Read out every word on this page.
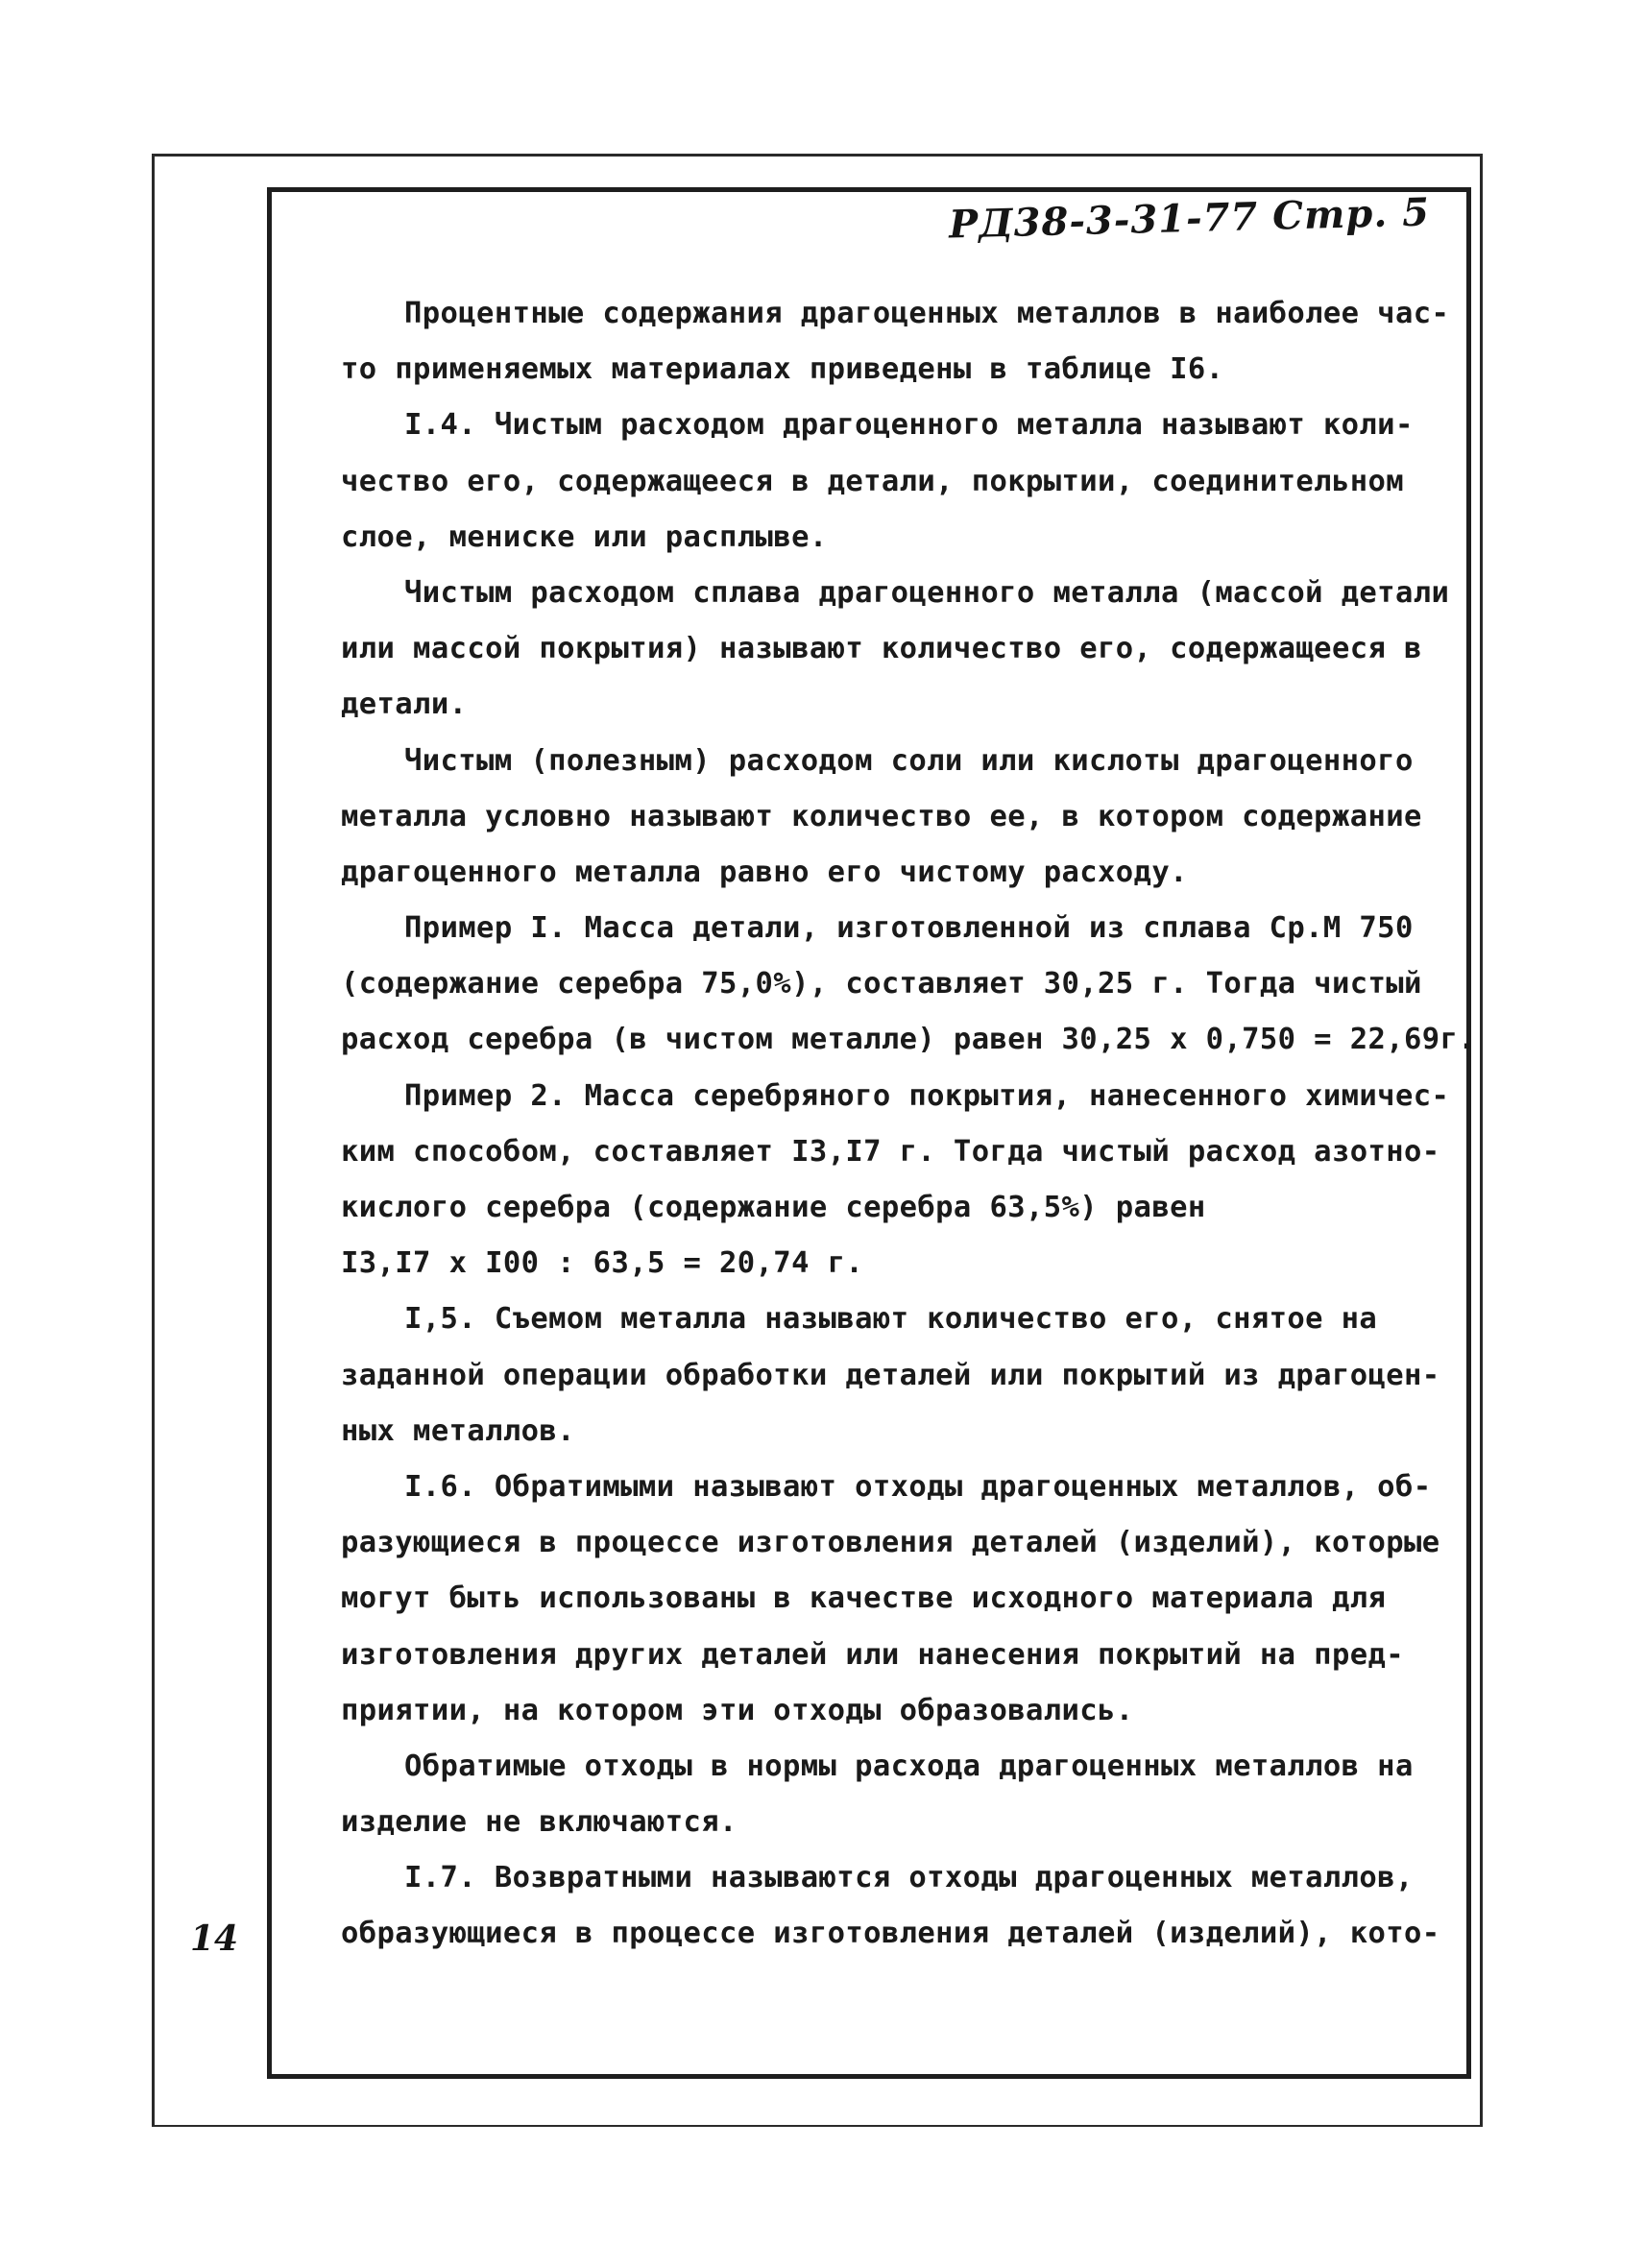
РД38-3-31-77 Стр. 5
Процентные содержания драгоценных металлов в наиболее час-
то применяемых материалах приведены в таблице I6.
I.4. Чистым расходом драгоценного металла называют коли-
чество его, содержащееся в детали, покрытии, соединительном
слое, мениске или расплыве.
Чистым расходом сплава драгоценного металла (массой детали
или массой покрытия) называют количество его, содержащееся в
детали.
Чистым (полезным) расходом соли или кислоты драгоценного
металла условно называют количество ее, в котором содержание
драгоценного металла равно его чистому расходу.
Пример I. Масса детали, изготовленной из сплава Ср.М 750
(содержание серебра 75,0%), составляет 30,25 г. Тогда чистый
расход серебра (в чистом металле) равен 30,25 х 0,750 = 22,69г.
Пример 2. Масса серебряного покрытия, нанесенного химичес-
ким способом, составляет I3,I7 г. Тогда чистый расход азотно-
кислого серебра (содержание серебра 63,5%) равен
I3,I7 х I00 : 63,5 = 20,74 г.
I,5. Съемом металла называют количество его, снятое на
заданной операции обработки деталей или покрытий из драгоцен-
ных металлов.
I.6. Обратимыми называют отходы драгоценных металлов, об-
разующиеся в процессе изготовления деталей (изделий), которые
могут быть использованы в качестве исходного материала для
изготовления других деталей или нанесения покрытий на пред-
приятии, на котором эти отходы образовались.
Обратимые отходы в нормы расхода драгоценных металлов на
изделие не включаются.
I.7. Возвратными называются отходы драгоценных металлов,
образующиеся в процессе изготовления деталей (изделий), кото-
14
